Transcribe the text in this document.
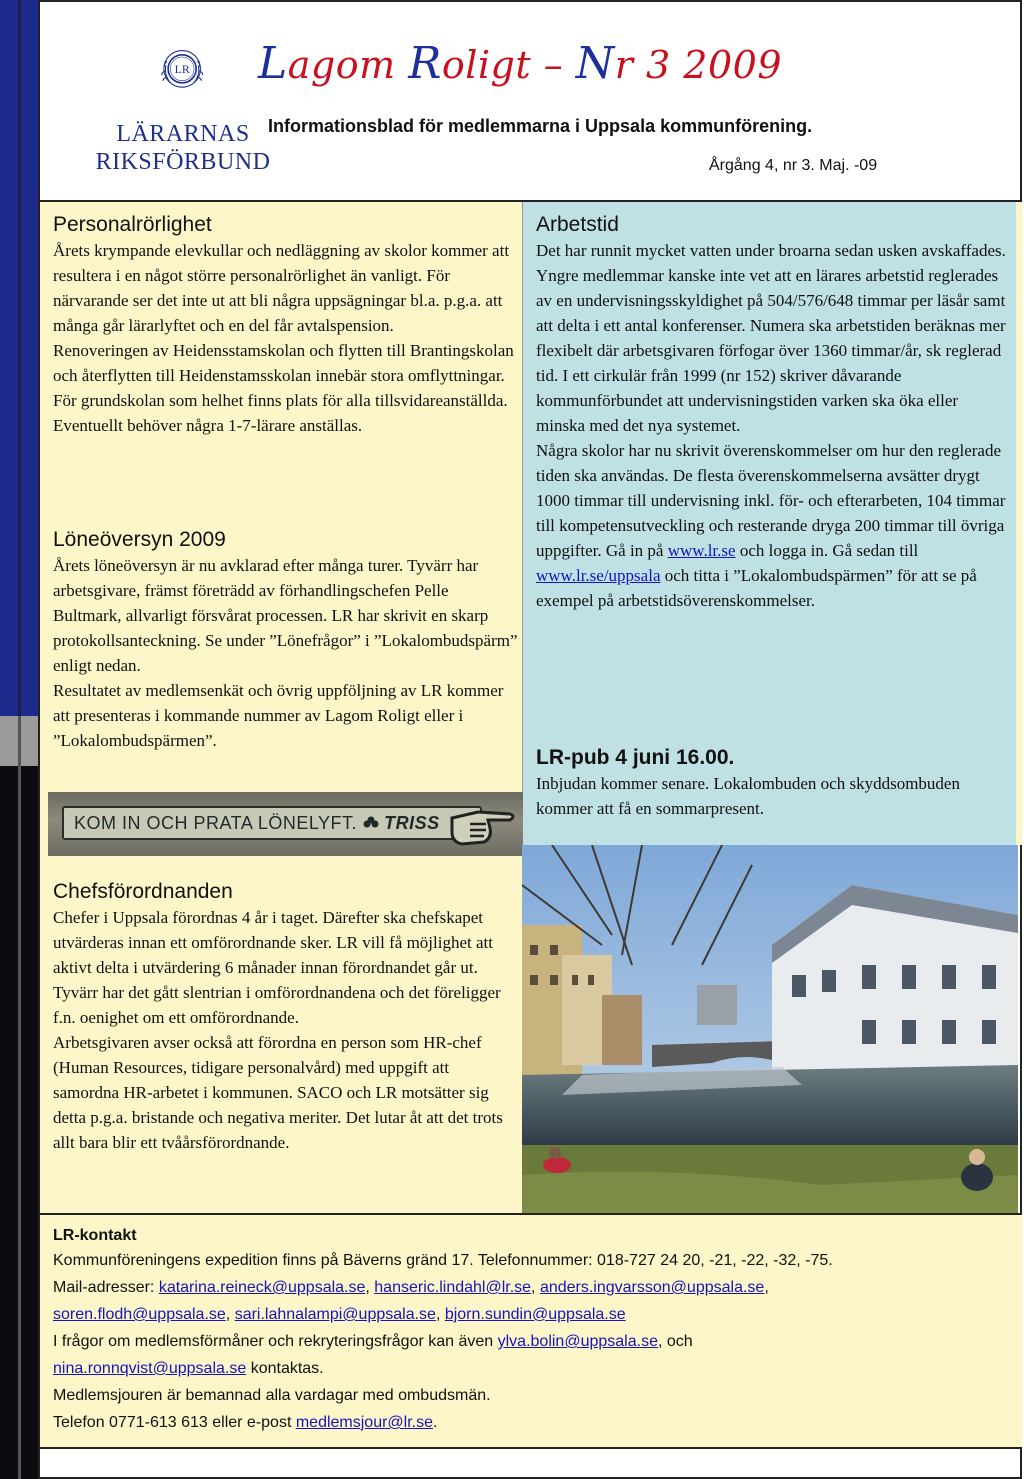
LR
LÄRARNAS
RIKSFÖRBUND
Lagom Roligt – Nr 3 2009
Informationsblad för medlemmarna i Uppsala kommunförening.
Årgång 4, nr 3. Maj. -09
Personalrörlighet

Årets krympande elevkullar och nedläggning av skolor kommer att resultera i en något större personalrörlighet än vanligt. För närvarande ser det inte ut att bli några uppsägningar bl.a. p.g.a. att många går lärarlyftet och en del får avtalspension.

Renoveringen av Heidensstamskolan och flytten till Brantingskolan och återflytten till Heidenstamsskolan innebär stora omflyttningar. För grundskolan som helhet finns plats för alla tillsvidareanställda. Eventuellt behöver några 1-7-lärare anställas.

Löneöversyn 2009

Årets löneöversyn är nu avklarad efter många turer. Tyvärr har arbetsgivare, främst företrädd av förhandlingschefen Pelle Bultmark, allvarligt försvårat processen. LR har skrivit en skarp protokollsanteckning. Se under ”Lönefrågor” i ”Lokalombudspärm” enligt nedan.

Resultatet av medlemsenkät och övrig uppföljning av LR kommer att presenteras i kommande nummer av Lagom Roligt eller i ”Lokalombudspärmen”.

KOM IN OCH PRATA LÖNELYFT. TRISS
Chefsförordnanden

Chefer i Uppsala förordnas 4 år i taget. Därefter ska chefskapet utvärderas innan ett omförordnande sker. LR vill få möjlighet att aktivt delta i utvärdering 6 månader innan förordnandet går ut. Tyvärr har det gått slentrian i omförordnandena och det föreligger f.n. oenighet om ett omförordnande.

Arbetsgivaren avser också att förordna en person som HR-chef (Human Resources, tidigare personalvård) med uppgift att samordna HR-arbetet i kommunen. SACO och LR motsätter sig detta p.g.a. bristande och negativa meriter. Det lutar åt att det trots allt bara blir ett tvåårsförordnande.

Arbetstid

Det har runnit mycket vatten under broarna sedan usken avskaffades. Yngre medlemmar kanske inte vet att en lärares arbetstid reglerades av en undervisningsskyldighet på 504/576/648 timmar per läsår samt att delta i ett antal konferenser. Numera ska arbetstiden beräknas mer flexibelt där arbetsgivaren förfogar över 1360 timmar/år, sk reglerad tid. I ett cirkulär från 1999 (nr 152) skriver dåvarande kommunförbundet att undervisningstiden varken ska öka eller minska med det nya systemet.

Några skolor har nu skrivit överenskommelser om hur den reglerade tiden ska användas. De flesta överenskommelserna avsätter drygt 1000 timmar till undervisning inkl. för- och efterarbeten, 104 timmar till kompetensutveckling och resterande dryga 200 timmar till övriga uppgifter. Gå in på www.lr.se och logga in. Gå sedan till www.lr.se/uppsala och titta i ”Lokalombudspärmen” för att se på exempel på arbetstidsöverenskommelser.

LR-pub 4 juni 16.00.

Inbjudan kommer senare. Lokalombuden och skyddsombuden kommer att få en sommarpresent.

LR-kontakt
Kommunföreningens expedition finns på Bäverns gränd 17. Telefonnummer: 018-727 24 20, -21, -22, -32, -75.
Mail-adresser: katarina.reineck@uppsala.se, hanseric.lindahl@lr.se, anders.ingvarsson@uppsala.se,
soren.flodh@uppsala.se, sari.lahnalampi@uppsala.se, bjorn.sundin@uppsala.se
I frågor om medlemsförmåner och rekryteringsfrågor kan även ylva.bolin@uppsala.se, och
nina.ronnqvist@uppsala.se kontaktas.
Medlemsjouren är bemannad alla vardagar med ombudsmän.
Telefon 0771-613 613 eller e-post medlemsjour@lr.se.
